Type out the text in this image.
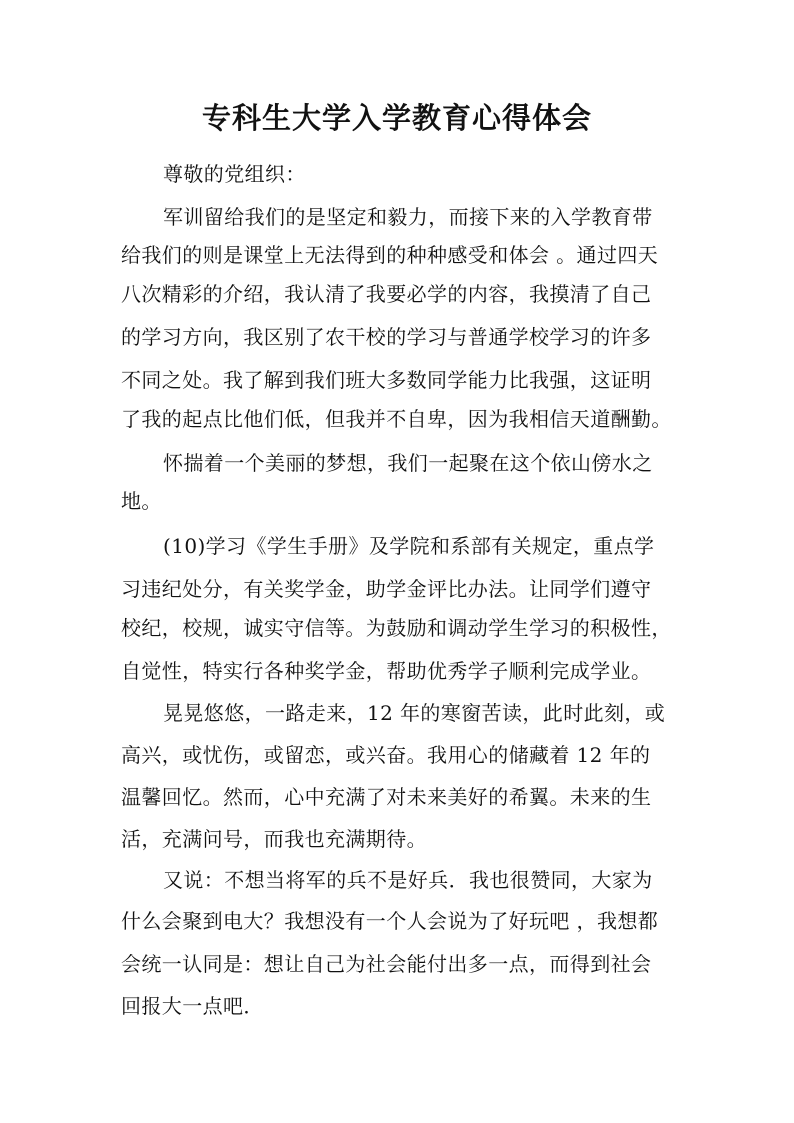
专科生大学入学教育心得体会
尊敬的党组织：
军训留给我们的是坚定和毅力，而接下来的入学教育带
给我们的则是课堂上无法得到的种种感受和体会 。通过四天
八次精彩的介绍，我认清了我要必学的内容，我摸清了自己
的学习方向，我区别了农干校的学习与普通学校学习的许多
不同之处。我了解到我们班大多数同学能力比我强，这证明
了我的起点比他们低，但我并不自卑，因为我相信天道酬勤。
怀揣着一个美丽的梦想，我们一起聚在这个依山傍水之
地。
(10)学习《学生手册》及学院和系部有关规定，重点学
习违纪处分，有关奖学金，助学金评比办法。让同学们遵守
校纪，校规，诚实守信等。为鼓励和调动学生学习的积极性，
自觉性，特实行各种奖学金，帮助优秀学子顺利完成学业。
晃晃悠悠，一路走来，12 年的寒窗苦读，此时此刻，或
高兴，或忧伤，或留恋，或兴奋。我用心的储藏着 12 年的
温馨回忆。然而，心中充满了对未来美好的希翼。未来的生
活，充满问号，而我也充满期待。
又说：不想当将军的兵不是好兵．我也很赞同，大家为
什么会聚到电大？我想没有一个人会说为了好玩吧 ，我想都
会统一认同是：想让自己为社会能付出多一点，而得到社会
回报大一点吧．
